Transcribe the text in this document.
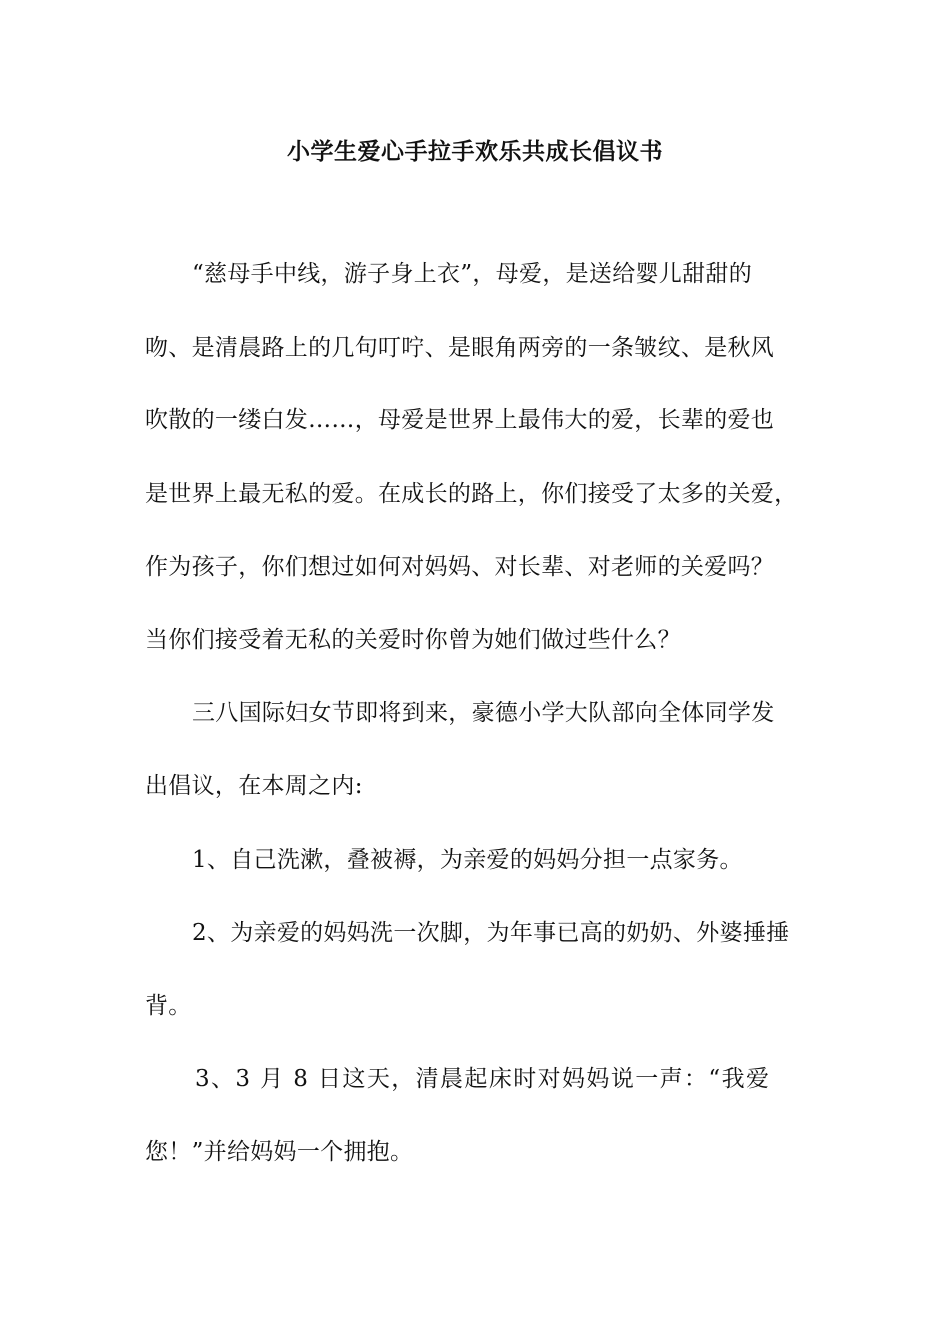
小学生爱心手拉手欢乐共成长倡议书
“慈母手中线，游子身上衣”，母爱，是送给婴儿甜甜的
吻、是清晨路上的几句叮咛、是眼角两旁的一条皱纹、是秋风
吹散的一缕白发……，母爱是世界上最伟大的爱，长辈的爱也
是世界上最无私的爱。在成长的路上，你们接受了太多的关爱，
作为孩子，你们想过如何对妈妈、对长辈、对老师的关爱吗？
当你们接受着无私的关爱时你曾为她们做过些什么？
三八国际妇女节即将到来，豪德小学大队部向全体同学发
出倡议，在本周之内:
1、自己洗漱，叠被褥，为亲爱的妈妈分担一点家务。
2、为亲爱的妈妈洗一次脚，为年事已高的奶奶、外婆捶捶
背。
3、3 月 8 日这天，清晨起床时对妈妈说一声：“我爱
您！”并给妈妈一个拥抱。
